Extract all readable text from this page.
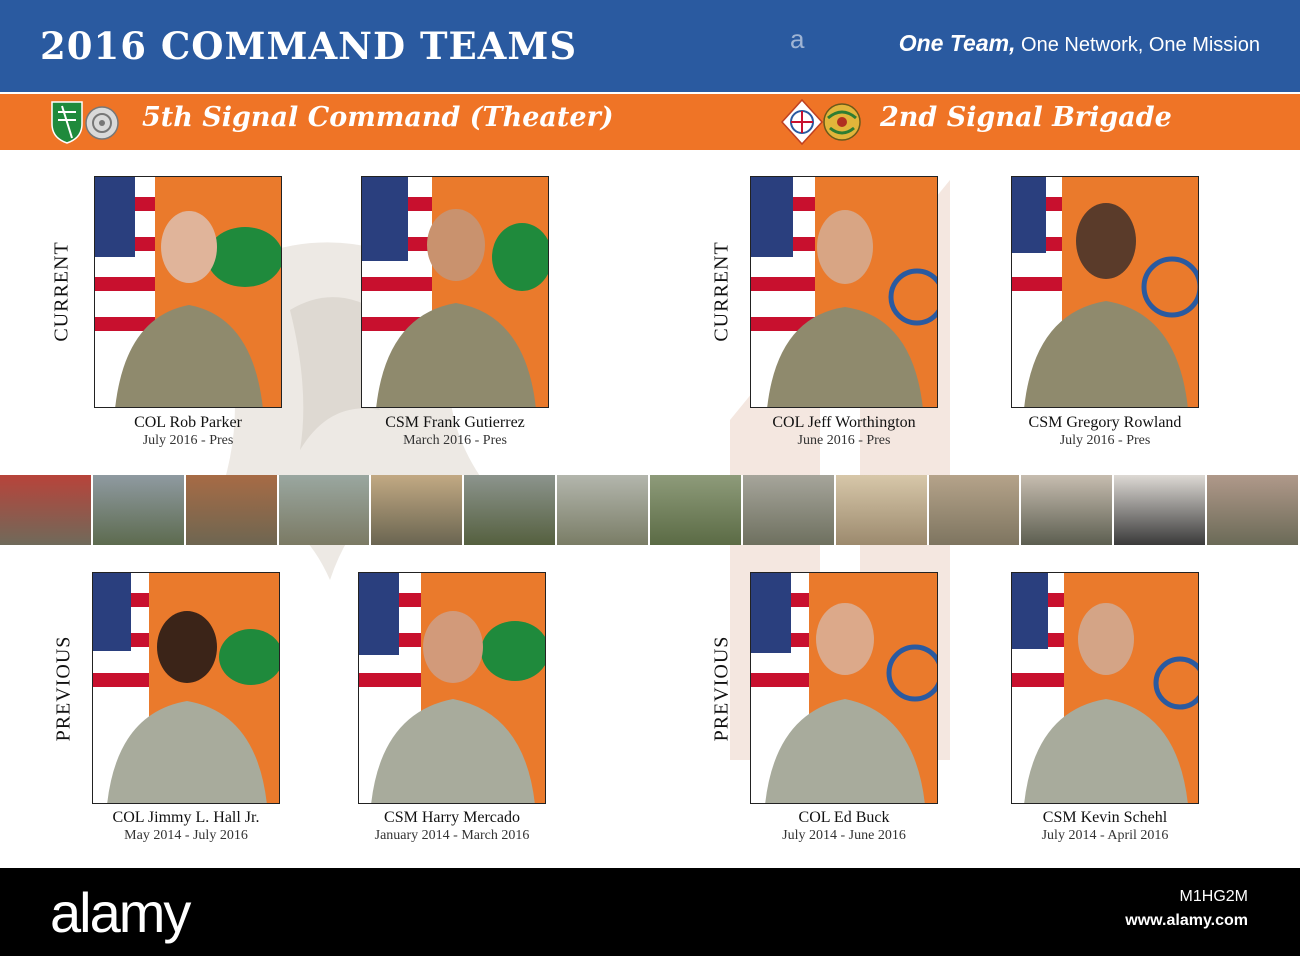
2016 COMMAND TEAMS	a	One Team, One Network, One Mission
5th Signal Command (Theater)	2nd Signal Brigade
CURRENT
PREVIOUS
CURRENT
PREVIOUS
COL Rob Parker
July 2016 - Pres
CSM Frank Gutierrez
March 2016 - Pres
COL Jeff Worthington
June 2016 - Pres
CSM Gregory Rowland
July 2016 - Pres
COL Jimmy L. Hall Jr.
May 2014 - July 2016
CSM Harry Mercado
January 2014 - March 2016
COL Ed Buck
July 2014 - June 2016
CSM Kevin Schehl
July 2014 - April 2016
alamy	M1HG2M
www.alamy.com
